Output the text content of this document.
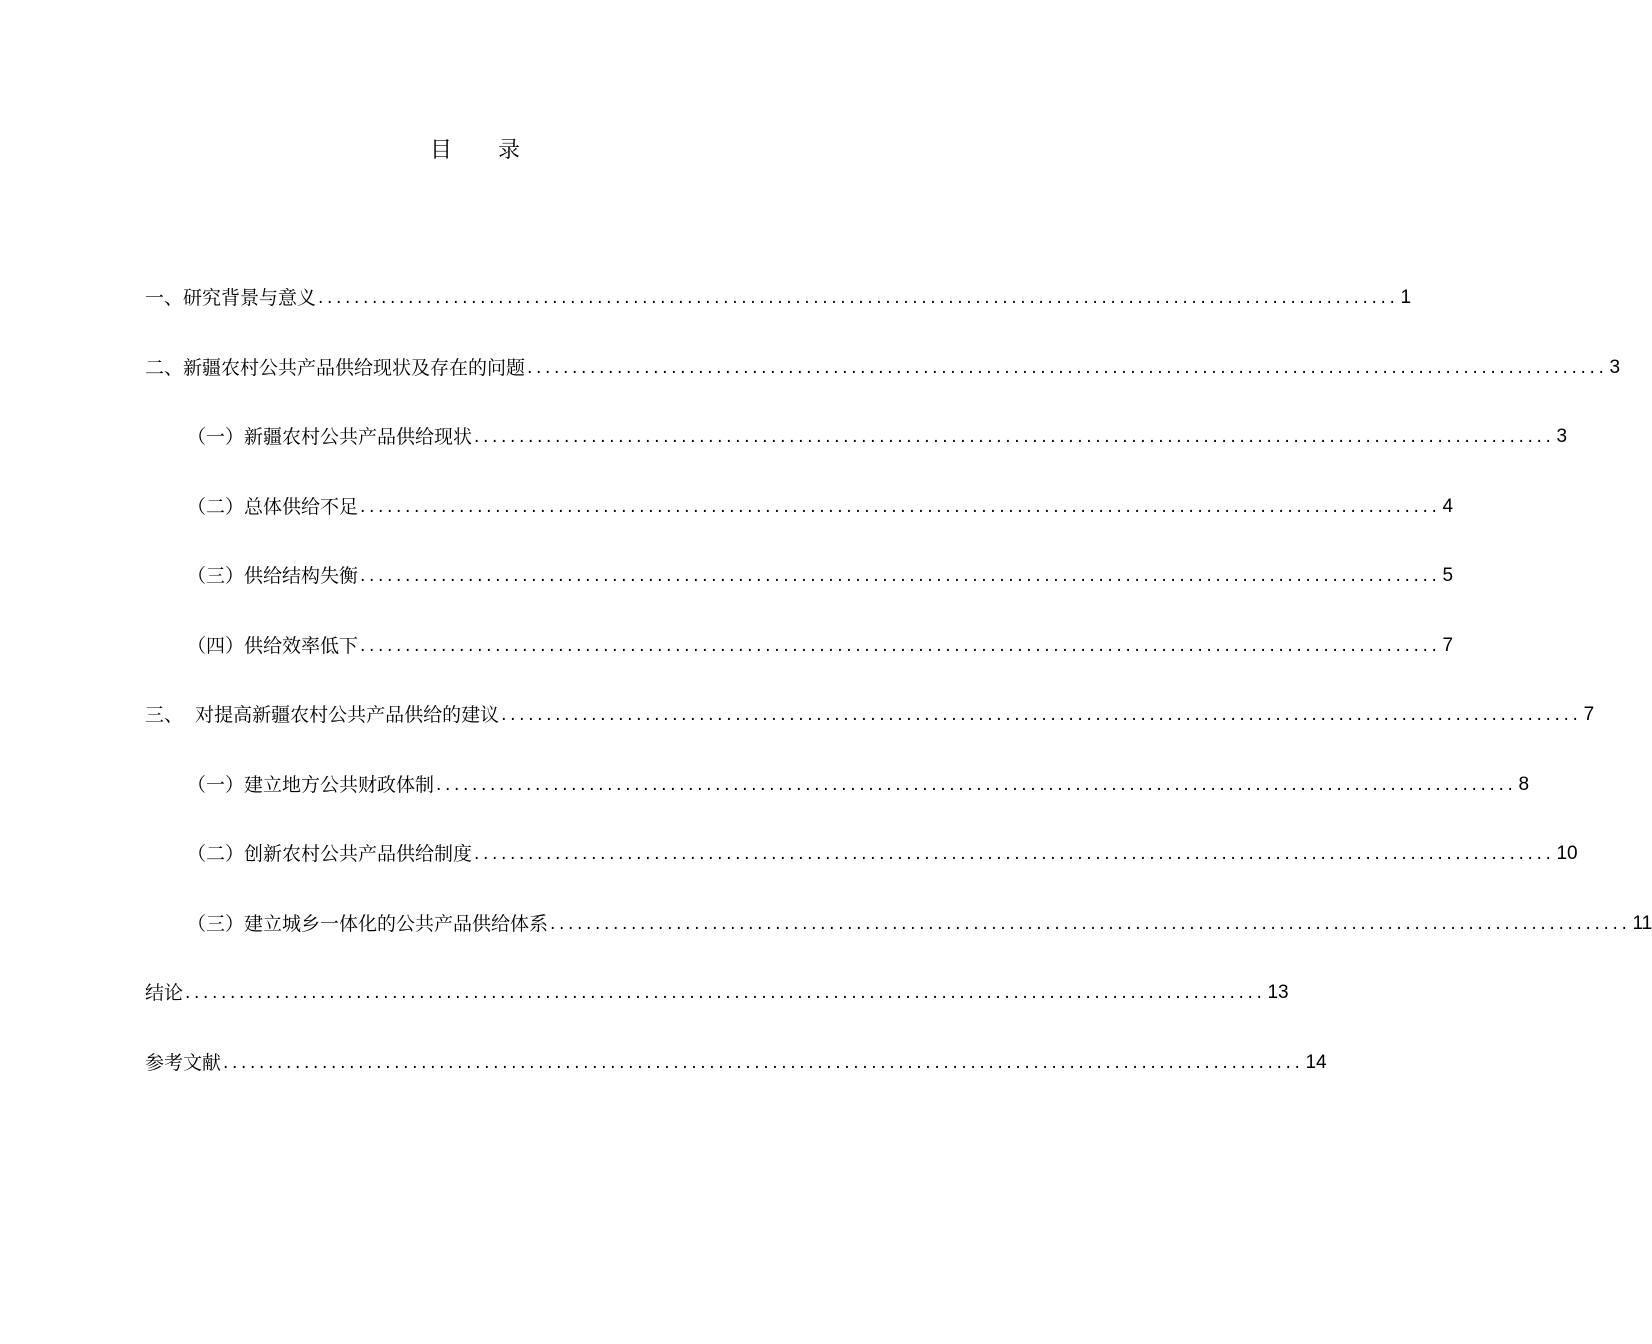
目 录
一、研究背景与意义 ........................................................................................................................ 1
二、新疆农村公共产品供给现状及存在的问题 ........................................................................................................................ 3
（一）新疆农村公共产品供给现状 ........................................................................................................................ 3
（二）总体供给不足 ........................................................................................................................ 4
（三）供给结构失衡 ........................................................................................................................ 5
（四）供给效率低下 ........................................................................................................................ 7
三、  对提高新疆农村公共产品供给的建议 ........................................................................................................................ 7
（一）建立地方公共财政体制 ........................................................................................................................ 8
（二）创新农村公共产品供给制度 ........................................................................................................................ 10
（三）建立城乡一体化的公共产品供给体系 ........................................................................................................................ 11
结论 ........................................................................................................................ 13
参考文献 ........................................................................................................................ 14
